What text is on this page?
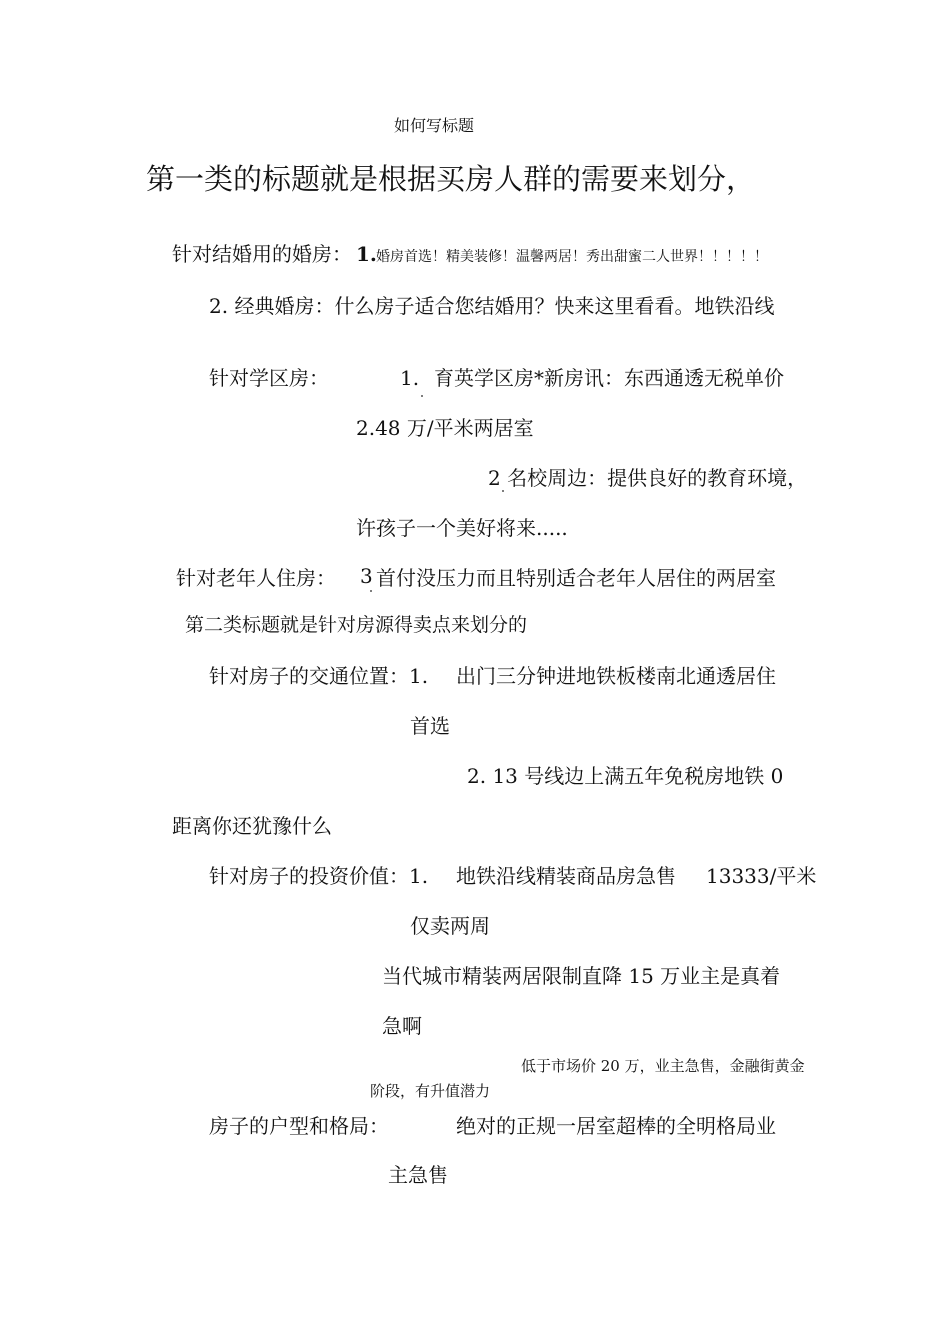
如何写标题
第一类的标题就是根据买房人群的需要来划分，
针对结婚用的婚房： 1. 婚房首选！精美装修！温馨两居！秀出甜蜜二人世界！！！！！
2. 经典婚房：什么房子适合您结婚用？快来这里看看。地铁沿线
针对学区房：	1. 育英学区房*新房讯：东西通透无税单价
2.48 万/平米两居室
2 名校周边：提供良好的教育环境，
许孩子一个美好将来.....
针对老年人住房： 3 首付没压力而且特别适合老年人居住的两居室
第二类标题就是针对房源得卖点来划分的
针对房子的交通位置：1. 出门三分钟进地铁板楼南北通透居住
首选
2. 13 号线边上满五年免税房地铁 0
距离你还犹豫什么
针对房子的投资价值：1. 地铁沿线精装商品房急售 13333/平米
仅卖两周
当代城市精装两居限制直降 15 万业主是真着
急啊
低于市场价 20 万，业主急售，金融街黄金
阶段，有升值潜力
房子的户型和格局：	绝对的正规一居室超棒的全明格局业
主急售
